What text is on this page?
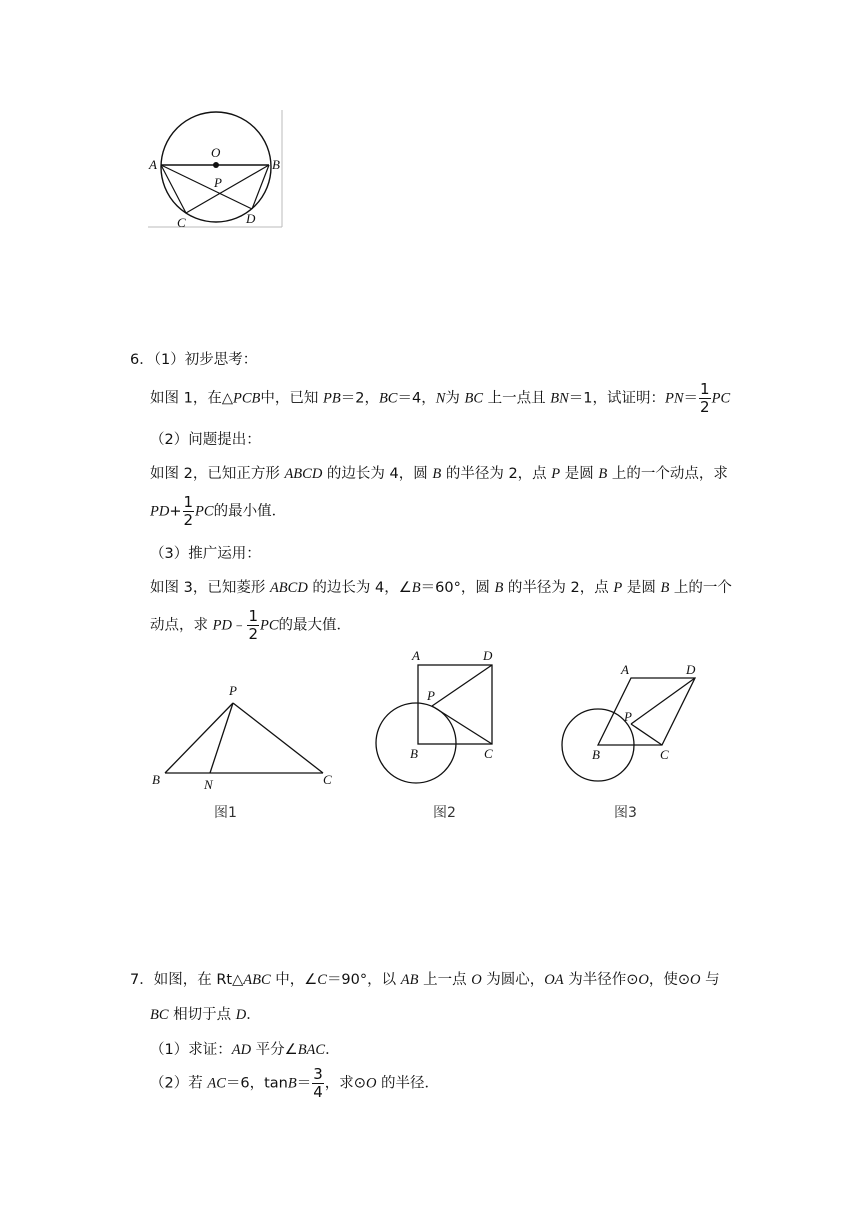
O
A	B
P
C	D
6．（1）初步思考：
如图 1，在△PCB中，已知 PB＝2，BC＝4，N为 BC 上一点且 BN＝1，试证明：$PN= \frac{1}{2}$ PC
（2）问题提出：
如图 2，已知正方形 ABCD 的边长为 4，圆 B 的半径为 2，点 P 是圆 B 上的一个动点，求
$PD+ \frac{1}{2}$ PC的最小值．
（3）推广运用：
如图 3，已知菱形 ABCD 的边长为 4，∠B＝60°，圆 B 的半径为 2，点 P 是圆 B 上的一个
动点，求 PD﹣ $\frac{1}{2}$ PC的最大值．
P
B	N	C
图1
A	D
P
B	C
图2
A	D
P
B	C
图3
7．如图，在 Rt△ABC 中，∠C＝90°，以 AB 上一点 O 为圆心，OA 为半径作⊙O，使⊙O 与
BC 相切于点 D．
（1）求证：AD 平分∠BAC．
（2）若 AC＝6，$\tan B= \frac{3}{4}$ ，求⊙O 的半径．
